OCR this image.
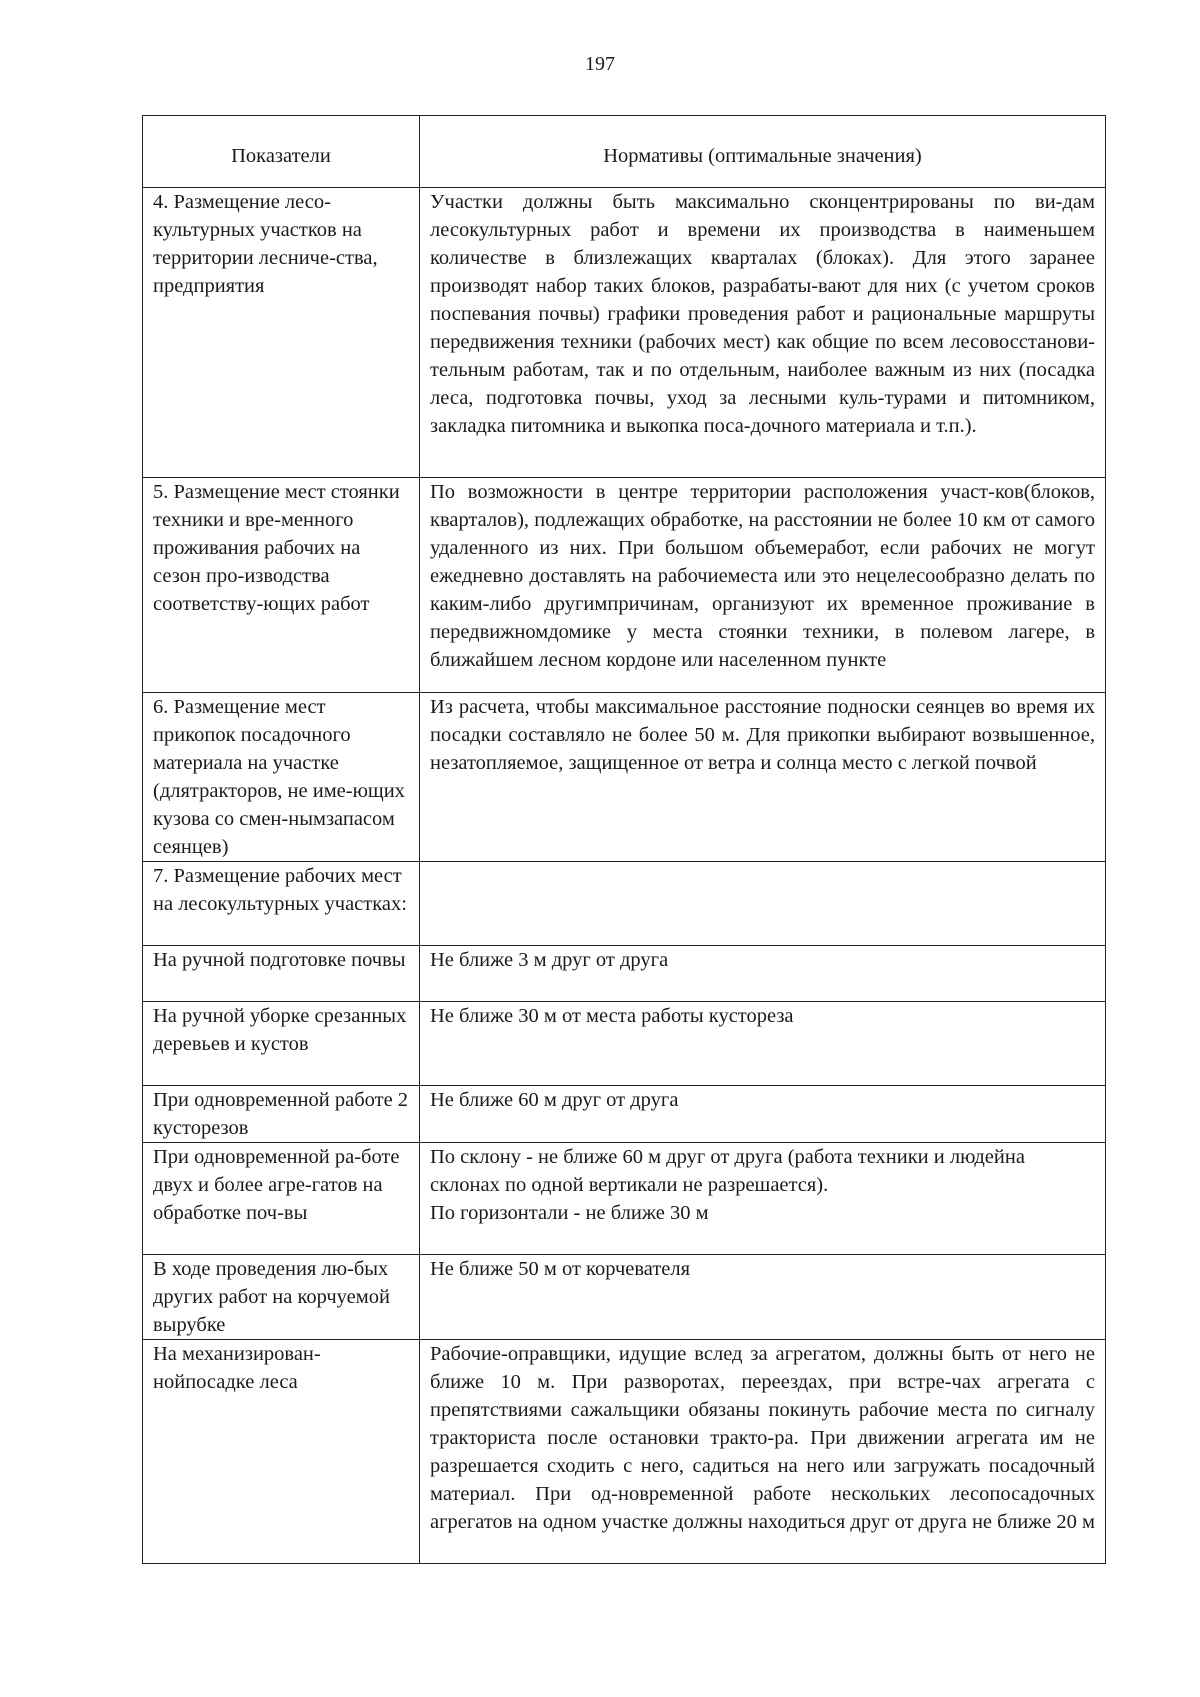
197
Показатели	Нормативы (оптимальные значения)
4. Размещение лесо-культурных участков на территории лесниче-ства, предприятия	Участки должны быть максимально сконцентрированы по ви-дам лесокультурных работ и времени их производства в наименьшем количестве в близлежащих кварталах (блоках). Для этого заранее производят набор таких блоков, разрабаты-вают для них (с учетом сроков поспевания почвы) графики проведения работ и рациональные маршруты передвижения техники (рабочих мест) как общие по всем лесовосстанови-тельным работам, так и по отдельным, наиболее важным из них (посадка леса, подготовка почвы, уход за лесными куль-турами и питомником, закладка питомника и выкопка поса-дочного материала и т.п.).
5. Размещение мест стоянки техники и вре-менного проживания рабочих на сезон про-изводства соответству-ющих работ	По возможности в центре территории расположения участ-ков(блоков, кварталов), подлежащих обработке, на расстоянии не более 10 км от самого удаленного из них. При большом объемеработ, если рабочих не могут ежедневно доставлять на рабочиеместа или это нецелесообразно делать по каким-либо другимпричинам, организуют их временное проживание в передвижномдомике у места стоянки техники, в полевом лагере, в ближайшем лесном кордоне или населенном пункте
6. Размещение мест прикопок посадочного материала на участке (длятракторов, не име-ющих кузова со смен-нымзапасом сеянцев)	Из расчета, чтобы максимальное расстояние подноски сеянцев во время их посадки составляло не более 50 м. Для прикопки выбирают возвышенное, незатопляемое, защищенное от ветра и солнца место с легкой почвой
7. Размещение рабочих мест на лесокультурных участках:	
На ручной подготовке почвы	Не ближе 3 м друг от друга
На ручной уборке срезанных деревьев и кустов	Не ближе 30 м от места работы кустореза
При одновременной работе 2 кусторезов	Не ближе 60 м друг от друга
При одновременной ра-боте двух и более агре-гатов на обработке поч-вы	По склону - не ближе 60 м друг от друга (работа техники и людейна склонах по одной вертикали не разрешается).
По горизонтали - не ближе 30 м

В ходе проведения лю-бых других работ на корчуемой вырубке	Не ближе 50 м от корчевателя
На механизирован-нойпосадке леса	Рабочие-оправщики, идущие вслед за агрегатом, должны быть от него не ближе 10 м. При разворотах, переездах, при встре-чах агрегата с препятствиями сажальщики обязаны покинуть рабочие места по сигналу тракториста после остановки тракто-ра. При движении агрегата им не разрешается сходить с него, садиться на него или загружать посадочный материал. При од-новременной работе нескольких лесопосадочных агрегатов на одном участке должны находиться друг от друга не ближе 20 м
